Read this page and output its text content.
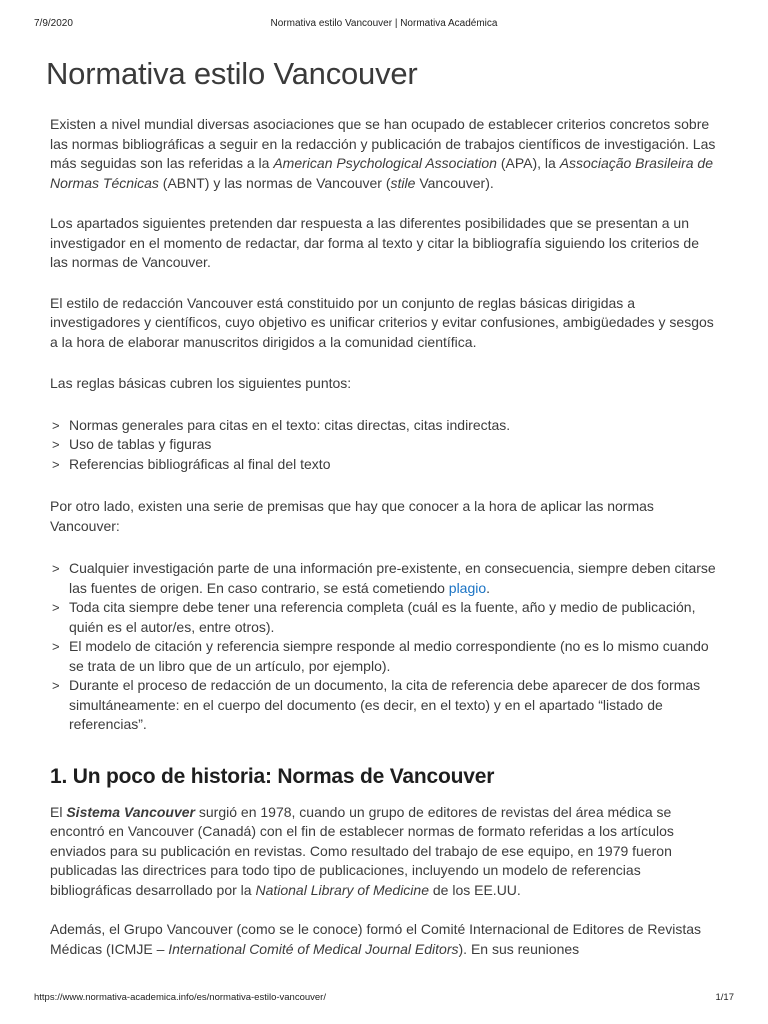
7/9/2020	Normativa estilo Vancouver | Normativa Académica
Normativa estilo Vancouver

Existen a nivel mundial diversas asociaciones que se han ocupado de establecer criterios concretos sobre las normas bibliográficas a seguir en la redacción y publicación de trabajos científicos de investigación. Las más seguidas son las referidas a la American Psychological Association (APA), la Associação Brasileira de Normas Técnicas (ABNT) y las normas de Vancouver (stile Vancouver).

Los apartados siguientes pretenden dar respuesta a las diferentes posibilidades que se presentan a un investigador en el momento de redactar, dar forma al texto y citar la bibliografía siguiendo los criterios de las normas de Vancouver.

El estilo de redacción Vancouver está constituido por un conjunto de reglas básicas dirigidas a investigadores y científicos, cuyo objetivo es unificar criterios y evitar confusiones, ambigüedades y sesgos a la hora de elaborar manuscritos dirigidos a la comunidad científica.

Las reglas básicas cubren los siguientes puntos:

> Normas generales para citas en el texto: citas directas, citas indirectas.
> Uso de tablas y figuras
> Referencias bibliográficas al final del texto

Por otro lado, existen una serie de premisas que hay que conocer a la hora de aplicar las normas Vancouver:

> Cualquier investigación parte de una información pre-existente, en consecuencia, siempre deben citarse las fuentes de origen. En caso contrario, se está cometiendo plagio.
> Toda cita siempre debe tener una referencia completa (cuál es la fuente, año y medio de publicación, quién es el autor/es, entre otros).
> El modelo de citación y referencia siempre responde al medio correspondiente (no es lo mismo cuando se trata de un libro que de un artículo, por ejemplo).
> Durante el proceso de redacción de un documento, la cita de referencia debe aparecer de dos formas simultáneamente: en el cuerpo del documento (es decir, en el texto) y en el apartado “listado de referencias”.
1. Un poco de historia: Normas de Vancouver

El Sistema Vancouver surgió en 1978, cuando un grupo de editores de revistas del área médica se encontró en Vancouver (Canadá) con el fin de establecer normas de formato referidas a los artículos enviados para su publicación en revistas. Como resultado del trabajo de ese equipo, en 1979 fueron publicadas las directrices para todo tipo de publicaciones, incluyendo un modelo de referencias bibliográficas desarrollado por la National Library of Medicine de los EE.UU.

Además, el Grupo Vancouver (como se le conoce) formó el Comité Internacional de Editores de Revistas Médicas (ICMJE – International Comité of Medical Journal Editors). En sus reuniones

https://www.normativa-academica.info/es/normativa-estilo-vancouver/	1/17
